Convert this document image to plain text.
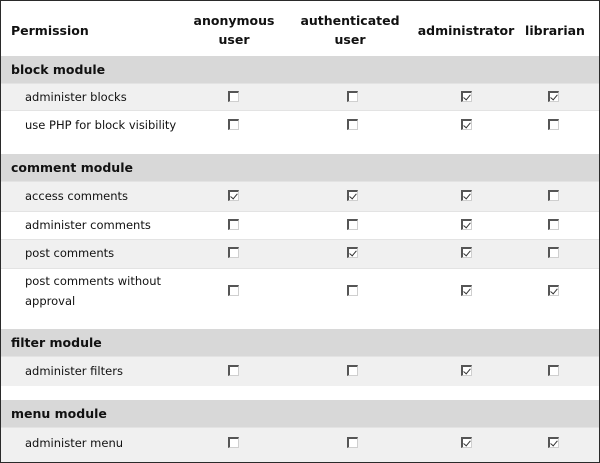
Permission
anonymous
user
authenticated
user
administrator librarian
block module
administer blocks
use PHP for block visibility
comment module
access comments
administer comments
post comments
post comments without
approval
filter module
administer filters
menu module
administer menu
